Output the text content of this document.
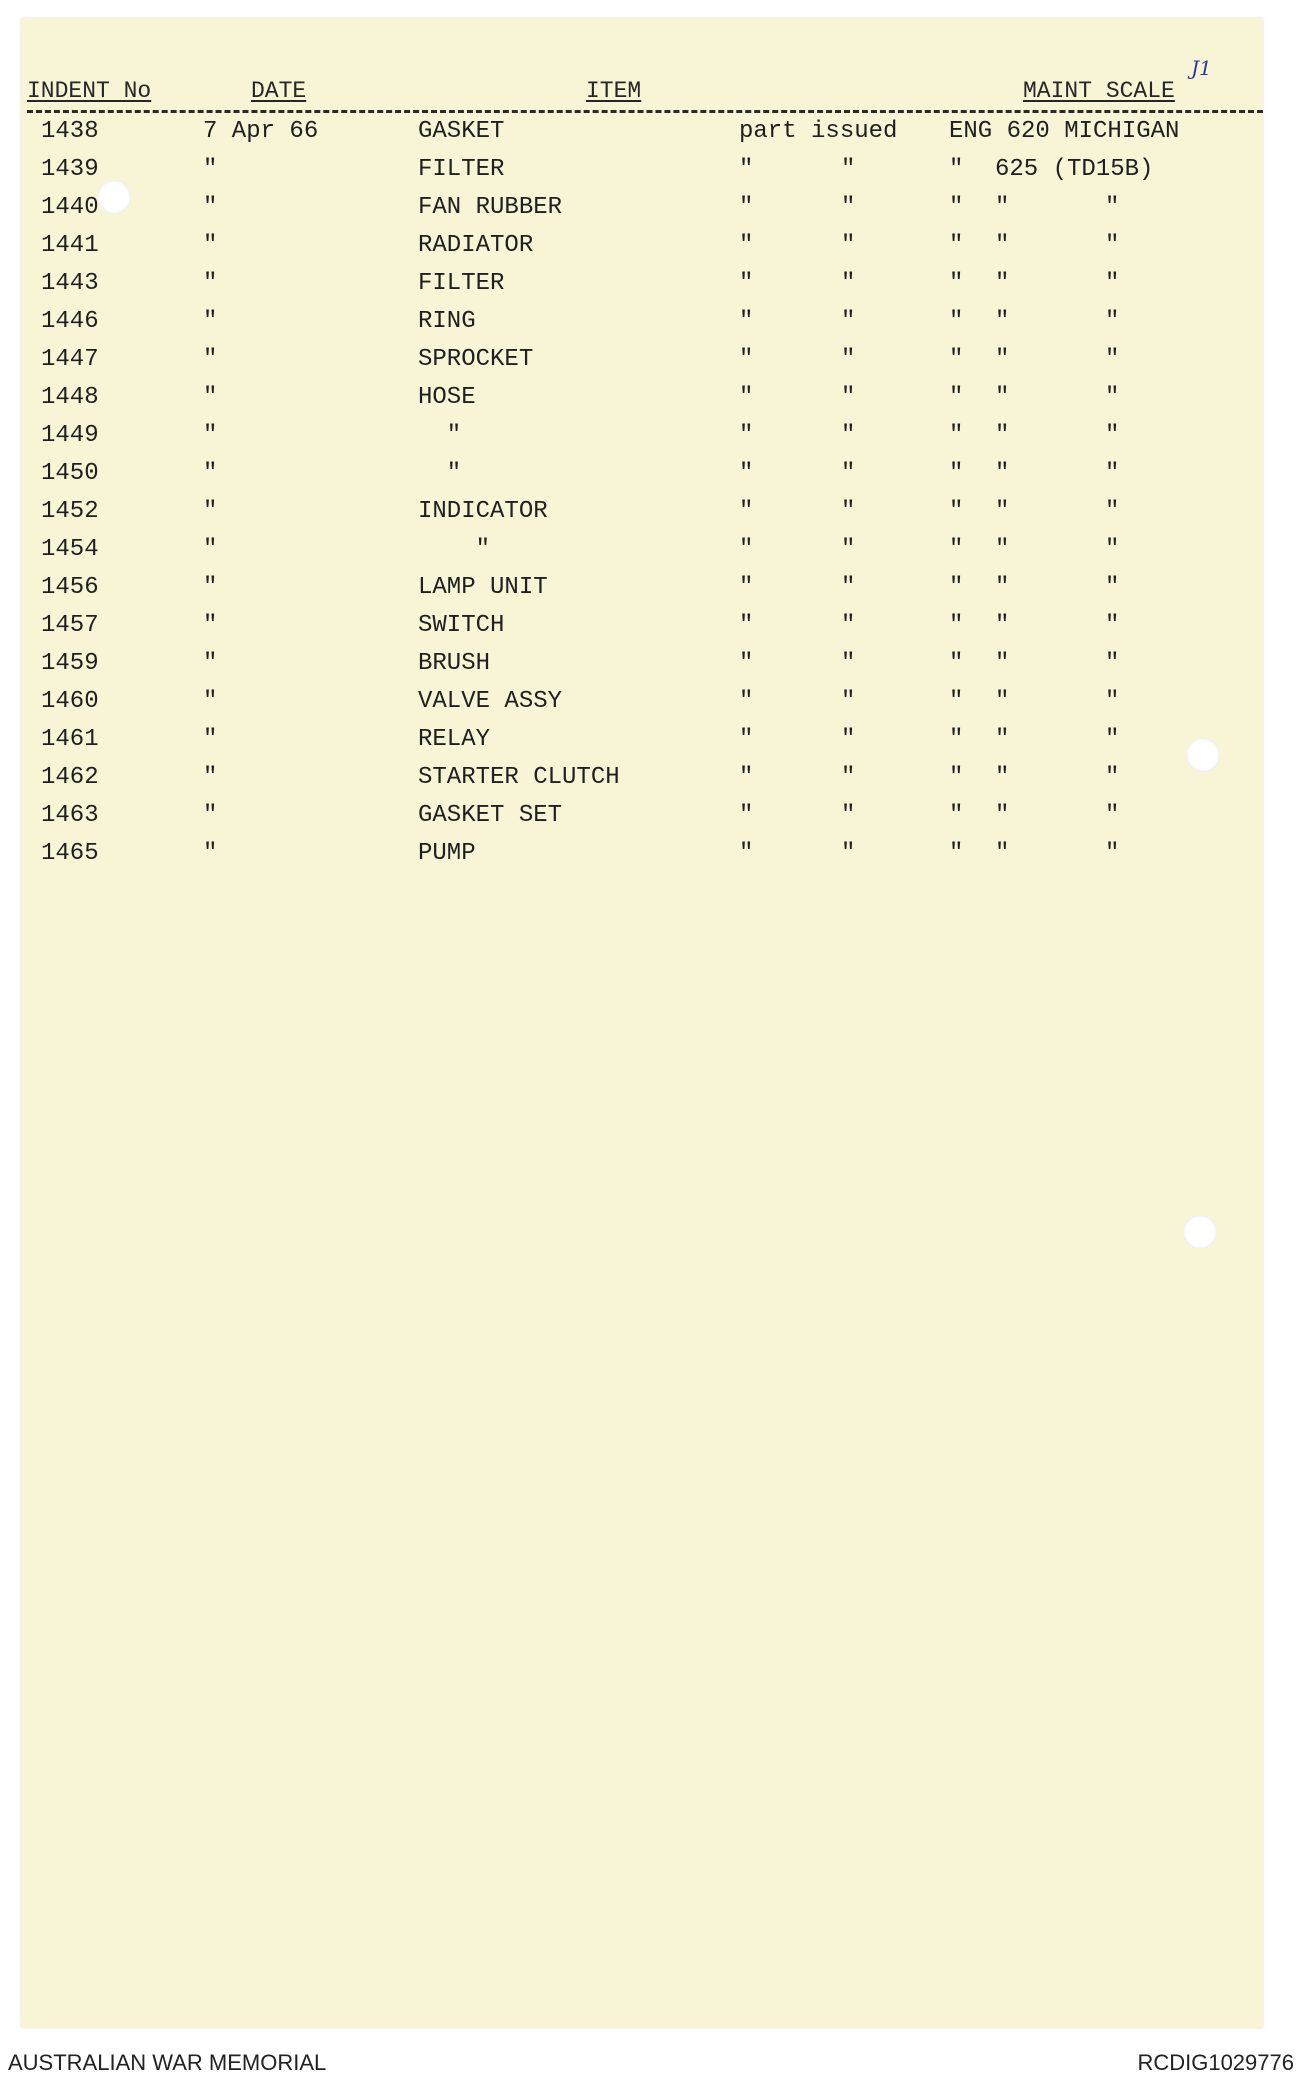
J1
INDENT No	DATE	ITEM	MAINT SCALE
1438	7 Apr 66	GASKET	part issued ENG 620 MICHIGAN
1439	"	FILTER	"	"	" 625 (TD15B)
1440	"	FAN RUBBER	"	"	" "	"
1441	"	RADIATOR	"	"	" "	"
1443	"	FILTER	"	"	" "	"
1446	"	RING	"	"	" "	"
1447	"	SPROCKET	"	"	" "	"
1448	"	HOSE	"	"	" "	"
1449	"	"	"	"	" "	"
1450	"	"	"	"	" "	"
1452	"	INDICATOR	"	"	" "	"
1454	"	"	"	"	" "	"
1456	"	LAMP UNIT	"	"	" "	"
1457	"	SWITCH	"	"	" "	"
1459	"	BRUSH	"	"	" "	"
1460	"	VALVE ASSY	"	"	" "	"
1461	"	RELAY	"	"	" "	"
1462	"	STARTER CLUTCH	"	"	" "	"
1463	"	GASKET SET	"	"	" "	"
1465	"	PUMP	"	"	" "	"
AUSTRALIAN WAR MEMORIAL	RCDIG1029776
